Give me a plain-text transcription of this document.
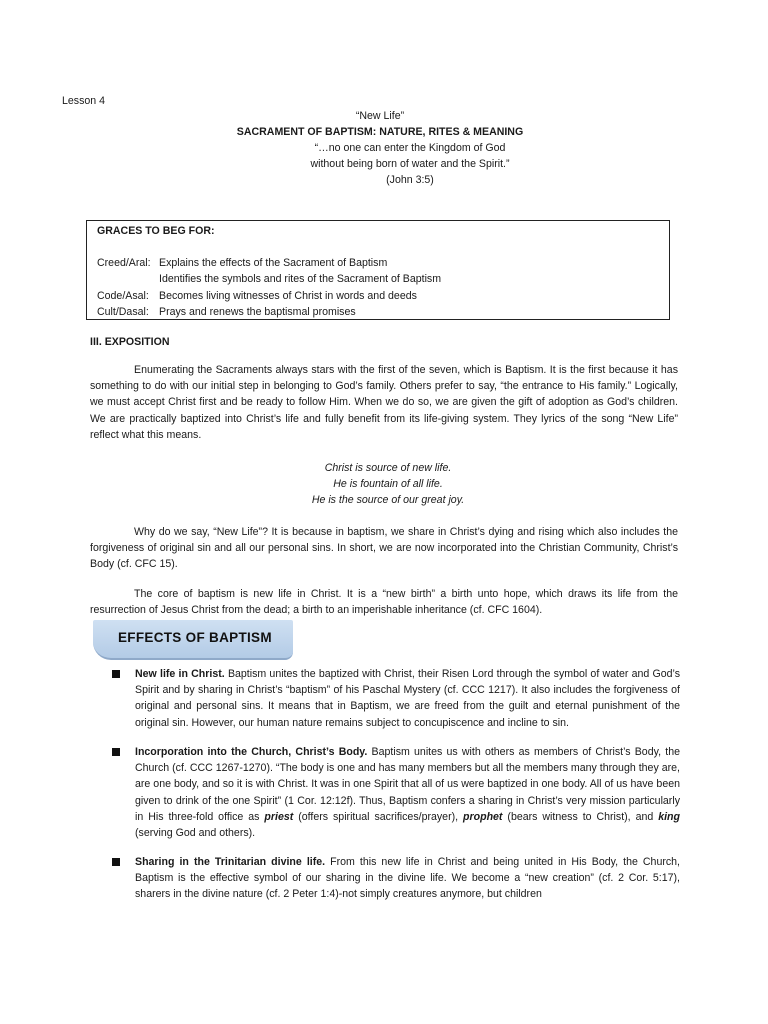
Lesson 4
“New Life”
SACRAMENT OF BAPTISM: NATURE, RITES & MEANING
“…no one can enter the Kingdom of God
without being born of water and the Spirit.”
(John 3:5)
GRACES TO BEG FOR:
Creed/Aral: Explains the effects of the Sacrament of Baptism
Identifies the symbols and rites of the Sacrament of Baptism
Code/Asal: Becomes living witnesses of Christ in words and deeds
Cult/Dasal: Prays and renews the baptismal promises
III. EXPOSITION
Enumerating the Sacraments always stars with the first of the seven, which is Baptism. It is the first because it has something to do with our initial step in belonging to God’s family. Others prefer to say, “the entrance to His family.” Logically, we must accept Christ first and be ready to follow Him. When we do so, we are given the gift of adoption as God’s children. We are practically baptized into Christ’s life and fully benefit from its life-giving system. They lyrics of the song “New Life” reflect what this means.
Christ is source of new life.
He is fountain of all life.
He is the source of our great joy.
Why do we say, “New Life”? It is because in baptism, we share in Christ’s dying and rising which also includes the forgiveness of original sin and all our personal sins. In short, we are now incorporated into the Christian Community, Christ’s Body (cf. CFC 15).
The core of baptism is new life in Christ. It is a “new birth” a birth unto hope, which draws its life from the resurrection of Jesus Christ from the dead; a birth to an imperishable inheritance (cf. CFC 1604).
EFFECTS OF BAPTISM
New life in Christ. Baptism unites the baptized with Christ, their Risen Lord through the symbol of water and God’s Spirit and by sharing in Christ’s “baptism” of his Paschal Mystery (cf. CCC 1217). It also includes the forgiveness of original and personal sins. It means that in Baptism, we are freed from the guilt and eternal punishment of the original sin. However, our human nature remains subject to concupiscence and incline to sin.
Incorporation into the Church, Christ’s Body. Baptism unites us with others as members of Christ’s Body, the Church (cf. CCC 1267-1270). “The body is one and has many members but all the members many through they are, are one body, and so it is with Christ. It was in one Spirit that all of us were baptized in one body. All of us have been given to drink of the one Spirit” (1 Cor. 12:12f). Thus, Baptism confers a sharing in Christ’s very mission particularly in His three-fold office as priest (offers spiritual sacrifices/prayer), prophet (bears witness to Christ), and king (serving God and others).
Sharing in the Trinitarian divine life. From this new life in Christ and being united in His Body, the Church, Baptism is the effective symbol of our sharing in the divine life. We become a “new creation” (cf. 2 Cor. 5:17), sharers in the divine nature (cf. 2 Peter 1:4)-not simply creatures anymore, but children
